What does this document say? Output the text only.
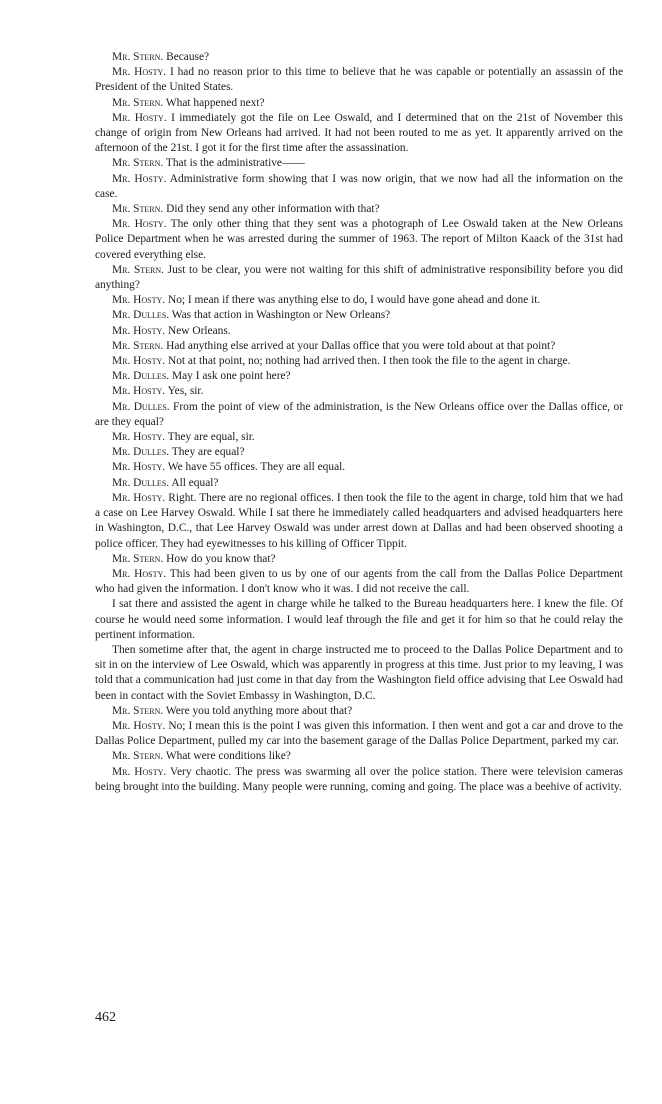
Mr. Stern. Because?

Mr. Hosty. I had no reason prior to this time to believe that he was capable or potentially an assassin of the President of the United States.

Mr. Stern. What happened next?

Mr. Hosty. I immediately got the file on Lee Oswald, and I determined that on the 21st of November this change of origin from New Orleans had arrived. It had not been routed to me as yet. It apparently arrived on the afternoon of the 21st. I got it for the first time after the assassination.

Mr. Stern. That is the administrative——

Mr. Hosty. Administrative form showing that I was now origin, that we now had all the information on the case.

Mr. Stern. Did they send any other information with that?

Mr. Hosty. The only other thing that they sent was a photograph of Lee Oswald taken at the New Orleans Police Department when he was arrested during the summer of 1963. The report of Milton Kaack of the 31st had covered everything else.

Mr. Stern. Just to be clear, you were not waiting for this shift of administrative responsibility before you did anything?

Mr. Hosty. No; I mean if there was anything else to do, I would have gone ahead and done it.

Mr. Dulles. Was that action in Washington or New Orleans?

Mr. Hosty. New Orleans.

Mr. Stern. Had anything else arrived at your Dallas office that you were told about at that point?

Mr. Hosty. Not at that point, no; nothing had arrived then. I then took the file to the agent in charge.

Mr. Dulles. May I ask one point here?

Mr. Hosty. Yes, sir.

Mr. Dulles. From the point of view of the administration, is the New Orleans office over the Dallas office, or are they equal?

Mr. Hosty. They are equal, sir.

Mr. Dulles. They are equal?

Mr. Hosty. We have 55 offices. They are all equal.

Mr. Dulles. All equal?

Mr. Hosty. Right. There are no regional offices. I then took the file to the agent in charge, told him that we had a case on Lee Harvey Oswald. While I sat there he immediately called headquarters and advised headquarters here in Washington, D.C., that Lee Harvey Oswald was under arrest down at Dallas and had been observed shooting a police officer. They had eyewitnesses to his killing of Officer Tippit.

Mr. Stern. How do you know that?

Mr. Hosty. This had been given to us by one of our agents from the call from the Dallas Police Department who had given the information. I don't know who it was. I did not receive the call.

I sat there and assisted the agent in charge while he talked to the Bureau headquarters here. I knew the file. Of course he would need some information. I would leaf through the file and get it for him so that he could relay the pertinent information.

Then sometime after that, the agent in charge instructed me to proceed to the Dallas Police Department and to sit in on the interview of Lee Oswald, which was apparently in progress at this time. Just prior to my leaving, I was told that a communication had just come in that day from the Washington field office advising that Lee Oswald had been in contact with the Soviet Embassy in Washington, D.C.

Mr. Stern. Were you told anything more about that?

Mr. Hosty. No; I mean this is the point I was given this information. I then went and got a car and drove to the Dallas Police Department, pulled my car into the basement garage of the Dallas Police Department, parked my car.

Mr. Stern. What were conditions like?

Mr. Hosty. Very chaotic. The press was swarming all over the police station. There were television cameras being brought into the building. Many people were running, coming and going. The place was a beehive of activity.

462
